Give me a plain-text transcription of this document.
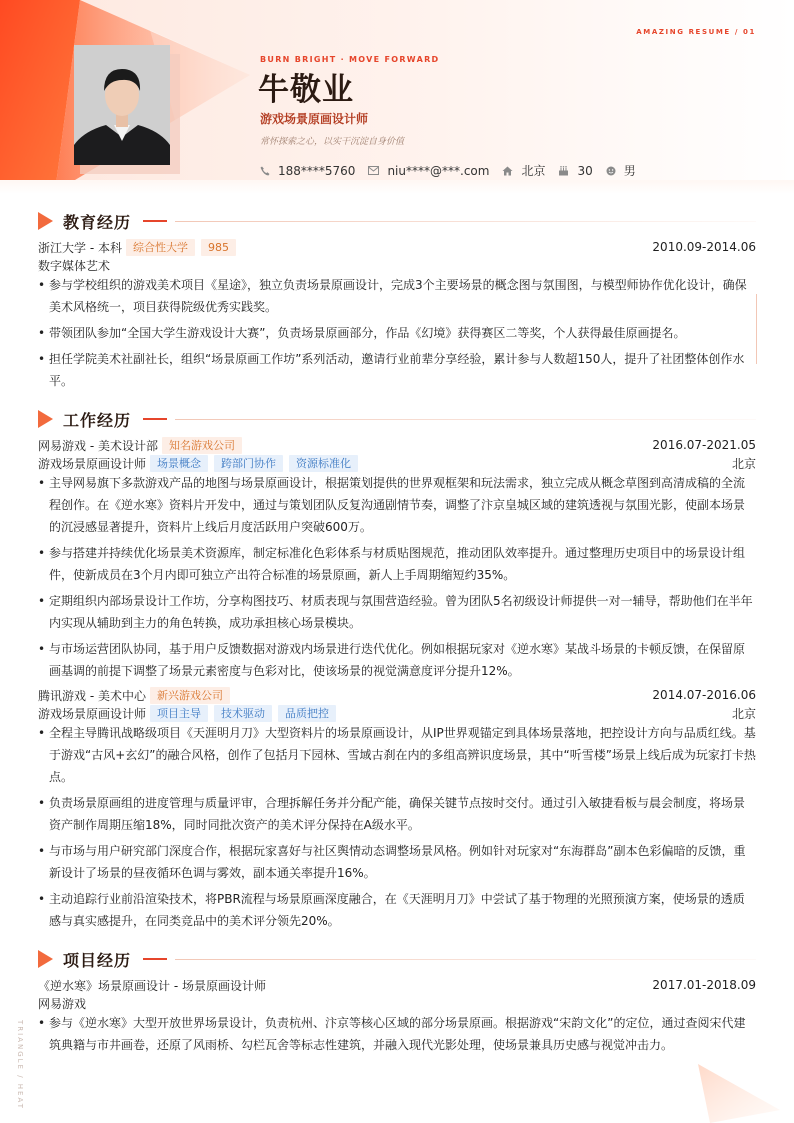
AMAZING RESUME / 01
BURN BRIGHT · MOVE FORWARD
牛敬业
游戏场景原画设计师
常怀探索之心，以实干沉淀自身价值
188****5760	niu****@***.com	北京	30	男
教育经历
浙江大学 - 本科	综合性大学	985	2010.09-2014.06
数字媒体艺术
• 参与学校组织的游戏美术项目《星途》，独立负责场景原画设计，完成3个主要场景的概念图与氛围图，与模型师协作优化设计，确保美术风格统一，项目获得院级优秀实践奖。
• 带领团队参加“全国大学生游戏设计大赛”，负责场景原画部分，作品《幻境》获得赛区二等奖，个人获得最佳原画提名。
• 担任学院美术社副社长，组织“场景原画工作坊”系列活动，邀请行业前辈分享经验，累计参与人数超150人，提升了社团整体创作水平。
工作经历
网易游戏 - 美术设计部	知名游戏公司	2016.07-2021.05
游戏场景原画设计师	场景概念	跨部门协作	资源标准化	北京
• 主导网易旗下多款游戏产品的地图与场景原画设计，根据策划提供的世界观框架和玩法需求，独立完成从概念草图到高清成稿的全流程创作。在《逆水寒》资料片开发中，通过与策划团队反复沟通剧情节奏，调整了汴京皇城区域的建筑透视与氛围光影，使副本场景的沉浸感显著提升，资料片上线后月度活跃用户突破600万。
• 参与搭建并持续优化场景美术资源库，制定标准化色彩体系与材质贴图规范，推动团队效率提升。通过整理历史项目中的场景设计组件，使新成员在3个月内即可独立产出符合标准的场景原画，新人上手周期缩短约35%。
• 定期组织内部场景设计工作坊，分享构图技巧、材质表现与氛围营造经验。曾为团队5名初级设计师提供一对一辅导，帮助他们在半年内实现从辅助到主力的角色转换，成功承担核心场景模块。
• 与市场运营团队协同，基于用户反馈数据对游戏内场景进行迭代优化。例如根据玩家对《逆水寒》某战斗场景的卡顿反馈，在保留原画基调的前提下调整了场景元素密度与色彩对比，使该场景的视觉满意度评分提升12%。
腾讯游戏 - 美术中心	新兴游戏公司	2014.07-2016.06
游戏场景原画设计师	项目主导	技术驱动	品质把控	北京
• 全程主导腾讯战略级项目《天涯明月刀》大型资料片的场景原画设计，从IP世界观锚定到具体场景落地，把控设计方向与品质红线。基于游戏“古风+玄幻”的融合风格，创作了包括月下园林、雪域古刹在内的多组高辨识度场景，其中“听雪楼”场景上线后成为玩家打卡热点。
• 负责场景原画组的进度管理与质量评审，合理拆解任务并分配产能，确保关键节点按时交付。通过引入敏捷看板与晨会制度，将场景资产制作周期压缩18%，同时同批次资产的美术评分保持在A级水平。
• 与市场与用户研究部门深度合作，根据玩家喜好与社区舆情动态调整场景风格。例如针对玩家对“东海群岛”副本色彩偏暗的反馈，重新设计了场景的昼夜循环色调与雾效，副本通关率提升16%。
• 主动追踪行业前沿渲染技术，将PBR流程与场景原画深度融合，在《天涯明月刀》中尝试了基于物理的光照预演方案，使场景的透质感与真实感提升，在同类竞品中的美术评分领先20%。
项目经历
《逆水寒》场景原画设计 - 场景原画设计师	2017.01-2018.09
网易游戏
• 参与《逆水寒》大型开放世界场景设计，负责杭州、汴京等核心区域的部分场景原画。根据游戏“宋韵文化”的定位，通过查阅宋代建筑典籍与市井画卷，还原了风雨桥、勾栏瓦舍等标志性建筑，并融入现代光影处理，使场景兼具历史感与视觉冲击力。
TRIANGLE / HEAT
